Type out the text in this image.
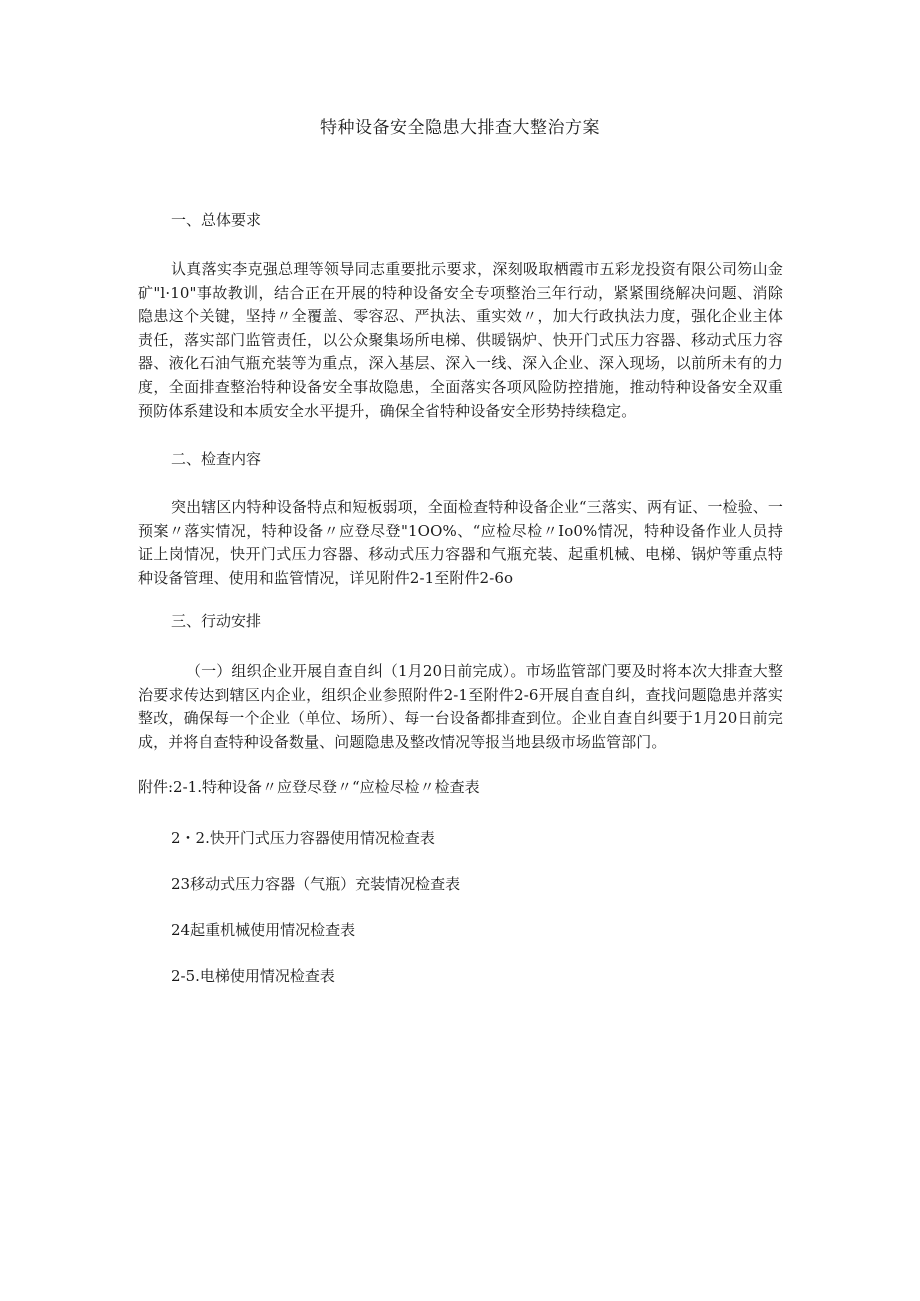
特种设备安全隐患大排查大整治方案
一、总体要求
认真落实李克强总理等领导同志重要批示要求，深刻吸取栖霞市五彩龙投资有限公司笏山金矿"l·10"事故教训，结合正在开展的特种设备安全专项整治三年行动，紧紧围绕解决问题、消除隐患这个关键，坚持〃全覆盖、零容忍、严执法、重实效〃，加大行政执法力度，强化企业主体责任，落实部门监管责任，以公众聚集场所电梯、供暖锅炉、快开门式压力容器、移动式压力容器、液化石油气瓶充装等为重点，深入基层、深入一线、深入企业、深入现场，以前所未有的力度，全面排查整治特种设备安全事故隐患，全面落实各项风险防控措施，推动特种设备安全双重预防体系建设和本质安全水平提升，确保全省特种设备安全形势持续稳定。
二、检查内容
突出辖区内特种设备特点和短板弱项，全面检查特种设备企业“三落实、两有证、一检验、一预案〃落实情况，特种设备〃应登尽登"1OO%、“应检尽检〃Io0%情况，特种设备作业人员持证上岗情况，快开门式压力容器、移动式压力容器和气瓶充装、起重机械、电梯、锅炉等重点特种设备管理、使用和监管情况，详见附件2-1至附件2-6o
三、行动安排
（一）组织企业开展自查自纠（1月20日前完成）。市场监管部门要及时将本次大排查大整治要求传达到辖区内企业，组织企业参照附件2-1至附件2-6开展自查自纠，查找问题隐患并落实整改，确保每一个企业（单位、场所）、每一台设备都排查到位。企业自查自纠要于1月20日前完成，并将自查特种设备数量、问题隐患及整改情况等报当地县级市场监管部门。
附件:2-1.特种设备〃应登尽登〃“应检尽检〃检查表
2・2.快开门式压力容器使用情况检查表
23移动式压力容器（气瓶）充装情况检查表
24起重机械使用情况检查表
2-5.电梯使用情况检查表
